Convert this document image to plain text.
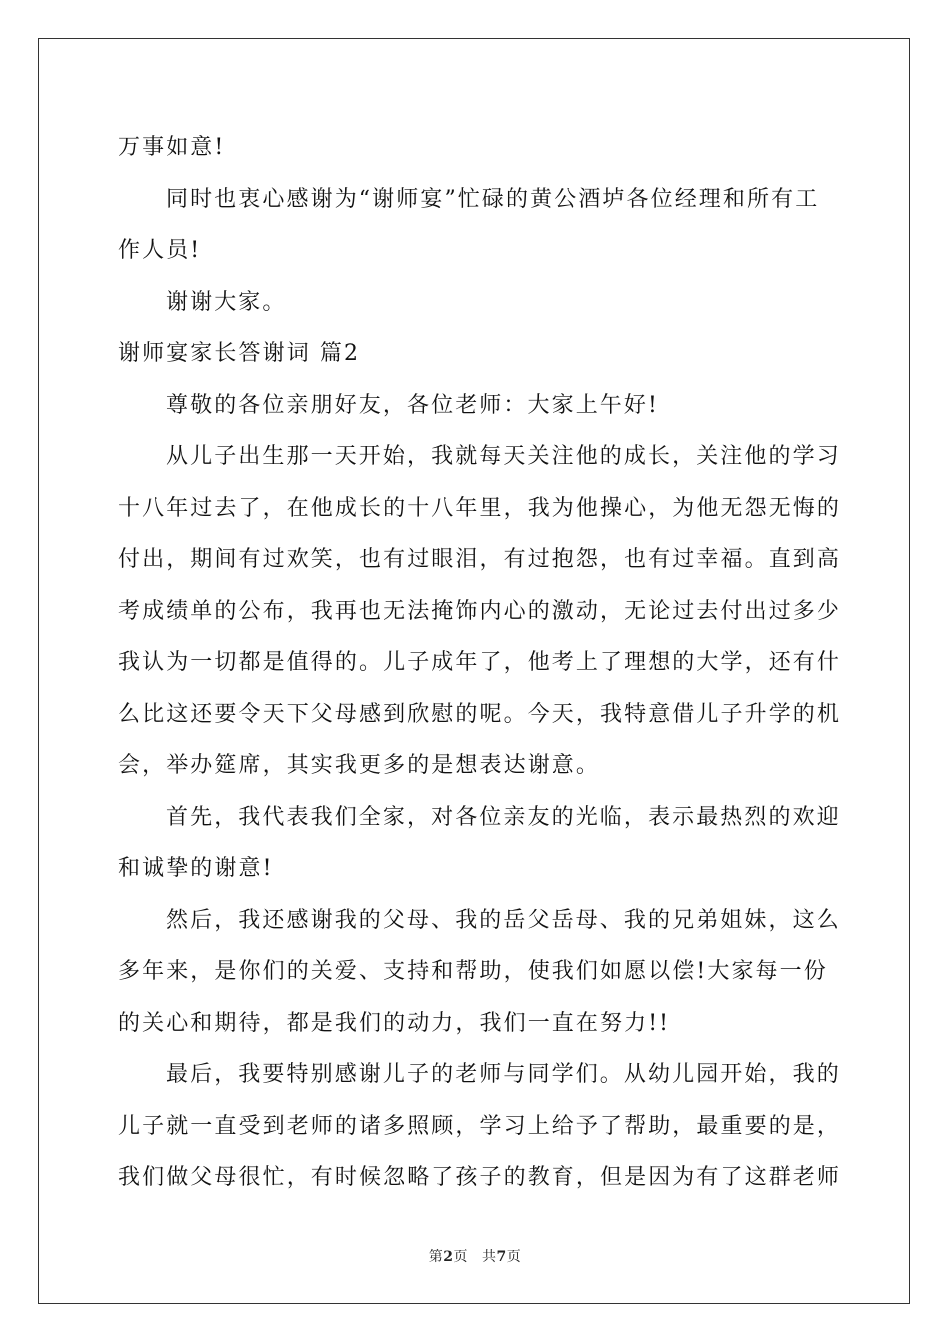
万事如意!
同时也衷心感谢为“谢师宴”忙碌的黄公酒垆各位经理和所有工
作人员!
谢谢大家。
谢师宴家长答谢词 篇2
尊敬的各位亲朋好友，各位老师：大家上午好!
从儿子出生那一天开始，我就每天关注他的成长，关注他的学习
十八年过去了，在他成长的十八年里，我为他操心，为他无怨无悔的
付出，期间有过欢笑，也有过眼泪，有过抱怨，也有过幸福。直到高
考成绩单的公布，我再也无法掩饰内心的激动，无论过去付出过多少
我认为一切都是值得的。儿子成年了，他考上了理想的大学，还有什
么比这还要令天下父母感到欣慰的呢。今天，我特意借儿子升学的机
会，举办筵席，其实我更多的是想表达谢意。
首先，我代表我们全家，对各位亲友的光临，表示最热烈的欢迎
和诚挚的谢意!
然后，我还感谢我的父母、我的岳父岳母、我的兄弟姐妹，这么
多年来，是你们的关爱、支持和帮助，使我们如愿以偿!大家每一份
的关心和期待，都是我们的动力，我们一直在努力!!
最后，我要特别感谢儿子的老师与同学们。从幼儿园开始，我的
儿子就一直受到老师的诸多照顾，学习上给予了帮助，最重要的是，
我们做父母很忙，有时候忽略了孩子的教育，但是因为有了这群老师
第2页 共7页
